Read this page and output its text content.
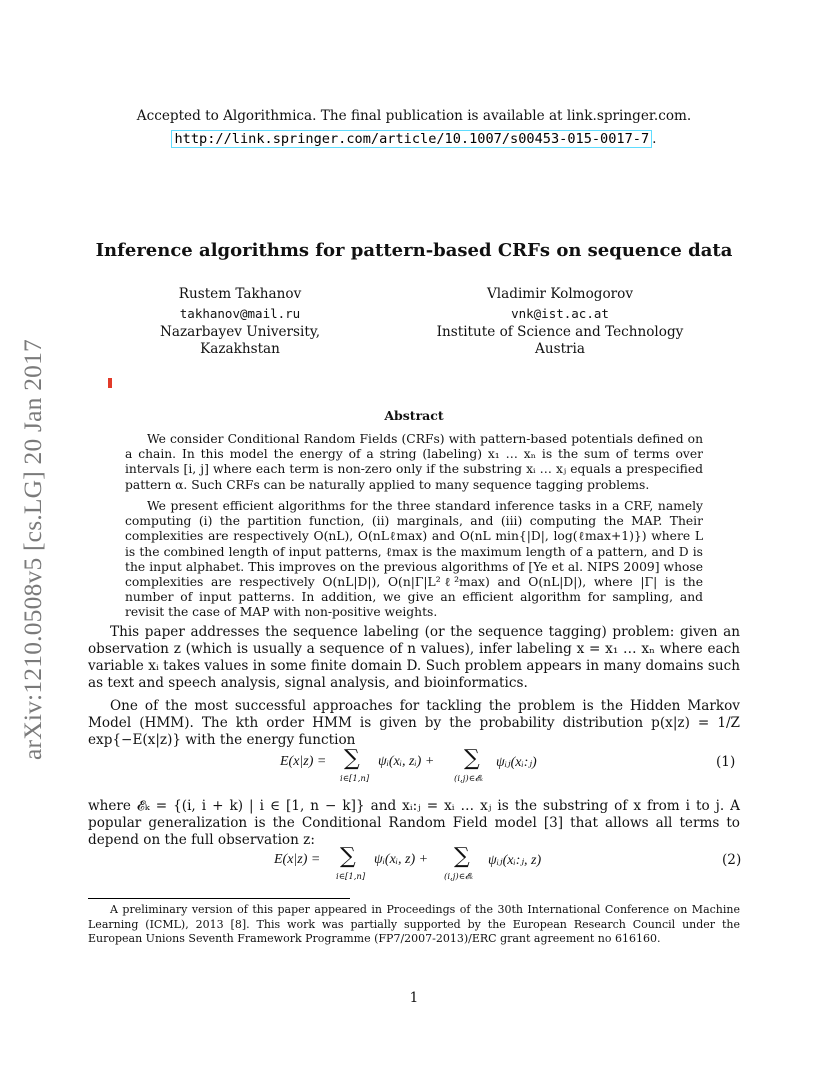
arXiv:1210.0508v5 [cs.LG] 20 Jan 2017
Accepted to Algorithmica. The final publication is available at link.springer.com.
http://link.springer.com/article/10.1007/s00453-015-0017-7 .
Inference algorithms for pattern-based CRFs on sequence data
Rustem Takhanov
takhanov@mail.ru
Nazarbayev University, Kazakhstan
Vladimir Kolmogorov
vnk@ist.ac.at
Institute of Science and Technology Austria
Abstract
We consider Conditional Random Fields (CRFs) with pattern-based potentials defined on a chain. In this model the energy of a string (labeling) x₁ … xₙ is the sum of terms over intervals [i, j] where each term is non-zero only if the substring xᵢ … xⱼ equals a prespecified pattern α. Such CRFs can be naturally applied to many sequence tagging problems.
We present efficient algorithms for the three standard inference tasks in a CRF, namely computing (i) the partition function, (ii) marginals, and (iii) computing the MAP. Their complexities are respectively O(nL), O(nLℓmax) and O(nL min{|D|, log(ℓmax+1)}) where L is the combined length of input patterns, ℓmax is the maximum length of a pattern, and D is the input alphabet. This improves on the previous algorithms of [Ye et al. NIPS 2009] whose complexities are respectively O(nL|D|), O(n|Γ|L²ℓ²max) and O(nL|D|), where |Γ| is the number of input patterns. In addition, we give an efficient algorithm for sampling, and revisit the case of MAP with non-positive weights.
This paper addresses the sequence labeling (or the sequence tagging) problem: given an observation z (which is usually a sequence of n values), infer labeling x = x₁ … xₙ where each variable xᵢ takes values in some finite domain D. Such problem appears in many domains such as text and speech analysis, signal analysis, and bioinformatics.
One of the most successful approaches for tackling the problem is the Hidden Markov Model (HMM). The kth order HMM is given by the probability distribution p(x|z) = 1/Z exp{−E(x|z)} with the energy function
E(x|z) = ∑
i∈[1,n]
ψᵢ(xᵢ, zᵢ) + ∑
(i,j)∈𝓔ₖ
ψᵢⱼ(xᵢ:ⱼ)	(1)
where 𝓔ₖ = {(i, i + k) | i ∈ [1, n − k]} and xᵢ:ⱼ = xᵢ … xⱼ is the substring of x from i to j. A popular generalization is the Conditional Random Field model [3] that allows all terms to depend on the full observation z:
E(x|z) = ∑
i∈[1,n]
ψᵢ(xᵢ, z) + ∑
(i,j)∈𝓔ₖ
ψᵢⱼ(xᵢ:ⱼ, z)	(2)
A preliminary version of this paper appeared in Proceedings of the 30th International Conference on Machine Learning (ICML), 2013 [8]. This work was partially supported by the European Research Council under the European Unions Seventh Framework Programme (FP7/2007-2013)/ERC grant agreement no 616160.
1
